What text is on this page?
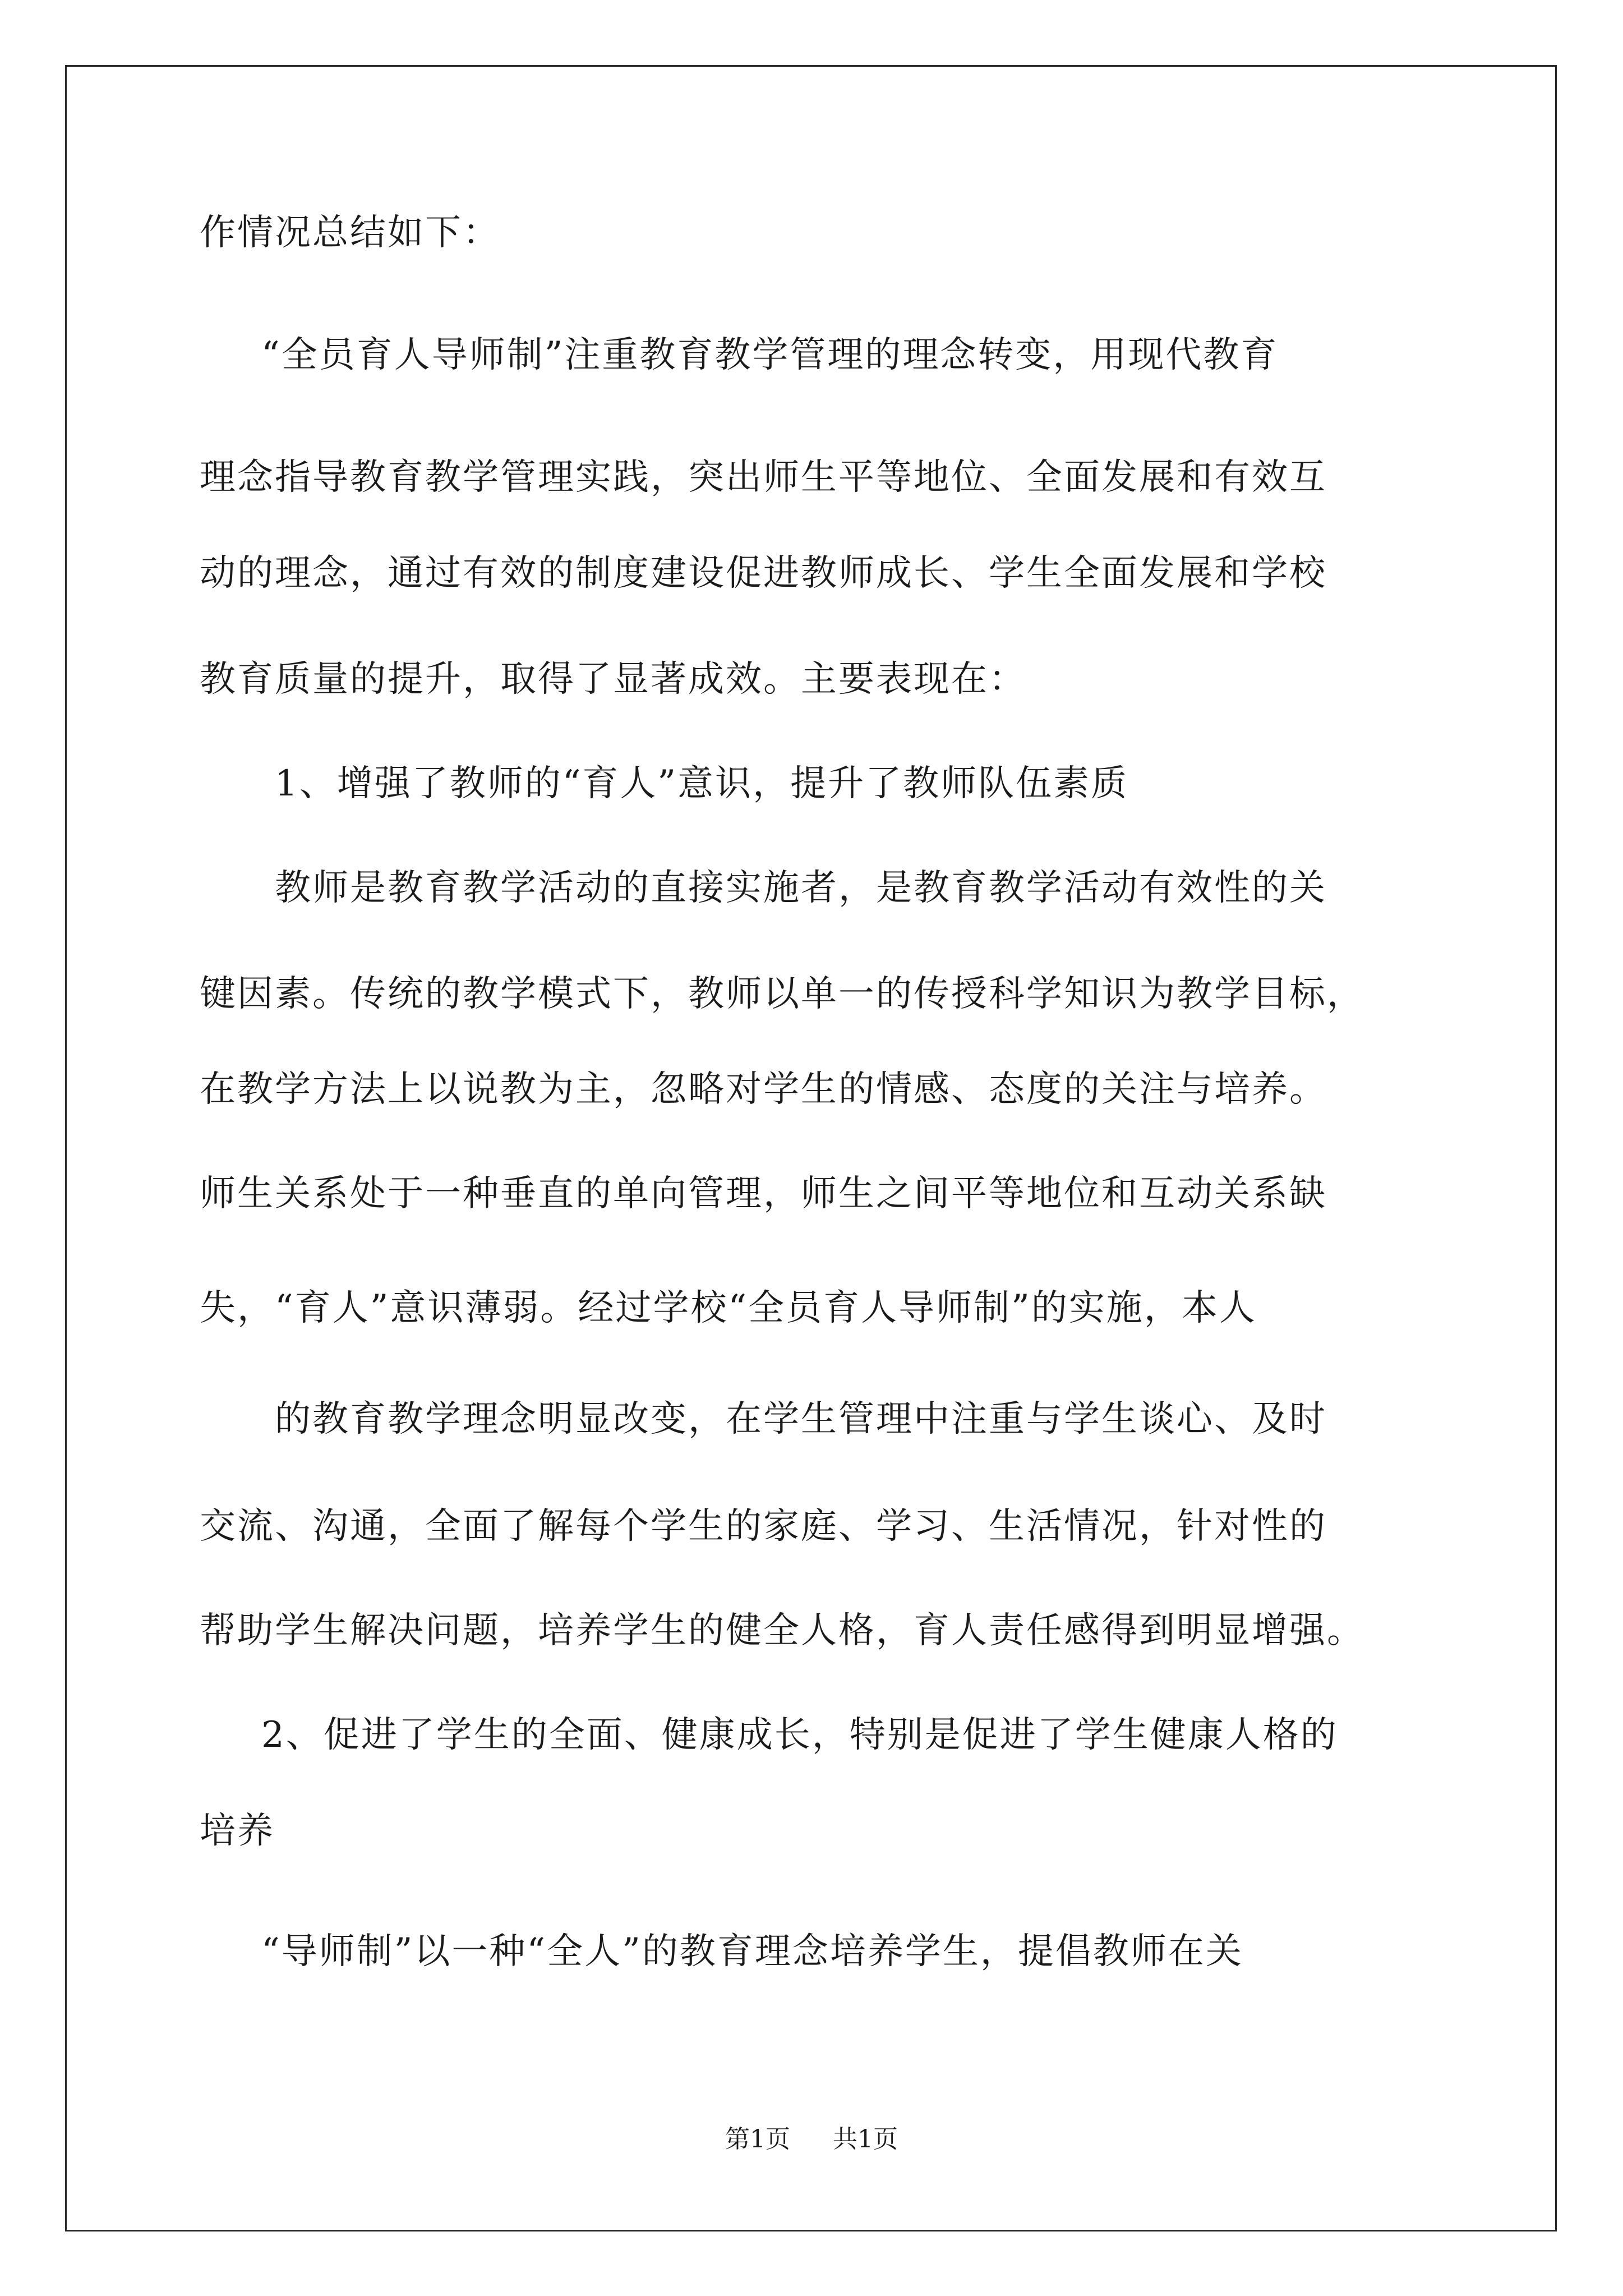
作情况总结如下：
“全员育人导师制”注重教育教学管理的理念转变，用现代教育
理念指导教育教学管理实践，突出师生平等地位、全面发展和有效互
动的理念，通过有效的制度建设促进教师成长、学生全面发展和学校
教育质量的提升，取得了显著成效。主要表现在：
1、增强了教师的“育人”意识，提升了教师队伍素质
教师是教育教学活动的直接实施者，是教育教学活动有效性的关
键因素。传统的教学模式下，教师以单一的传授科学知识为教学目标，
在教学方法上以说教为主，忽略对学生的情感、态度的关注与培养。
师生关系处于一种垂直的单向管理，师生之间平等地位和互动关系缺
失，“育人”意识薄弱。经过学校“全员育人导师制”的实施，本人
的教育教学理念明显改变，在学生管理中注重与学生谈心、及时
交流、沟通，全面了解每个学生的家庭、学习、生活情况，针对性的
帮助学生解决问题，培养学生的健全人格，育人责任感得到明显增强。
2、促进了学生的全面、健康成长，特别是促进了学生健康人格的
培养
“导师制”以一种“全人”的教育理念培养学生，提倡教师在关
第1页 共1页
